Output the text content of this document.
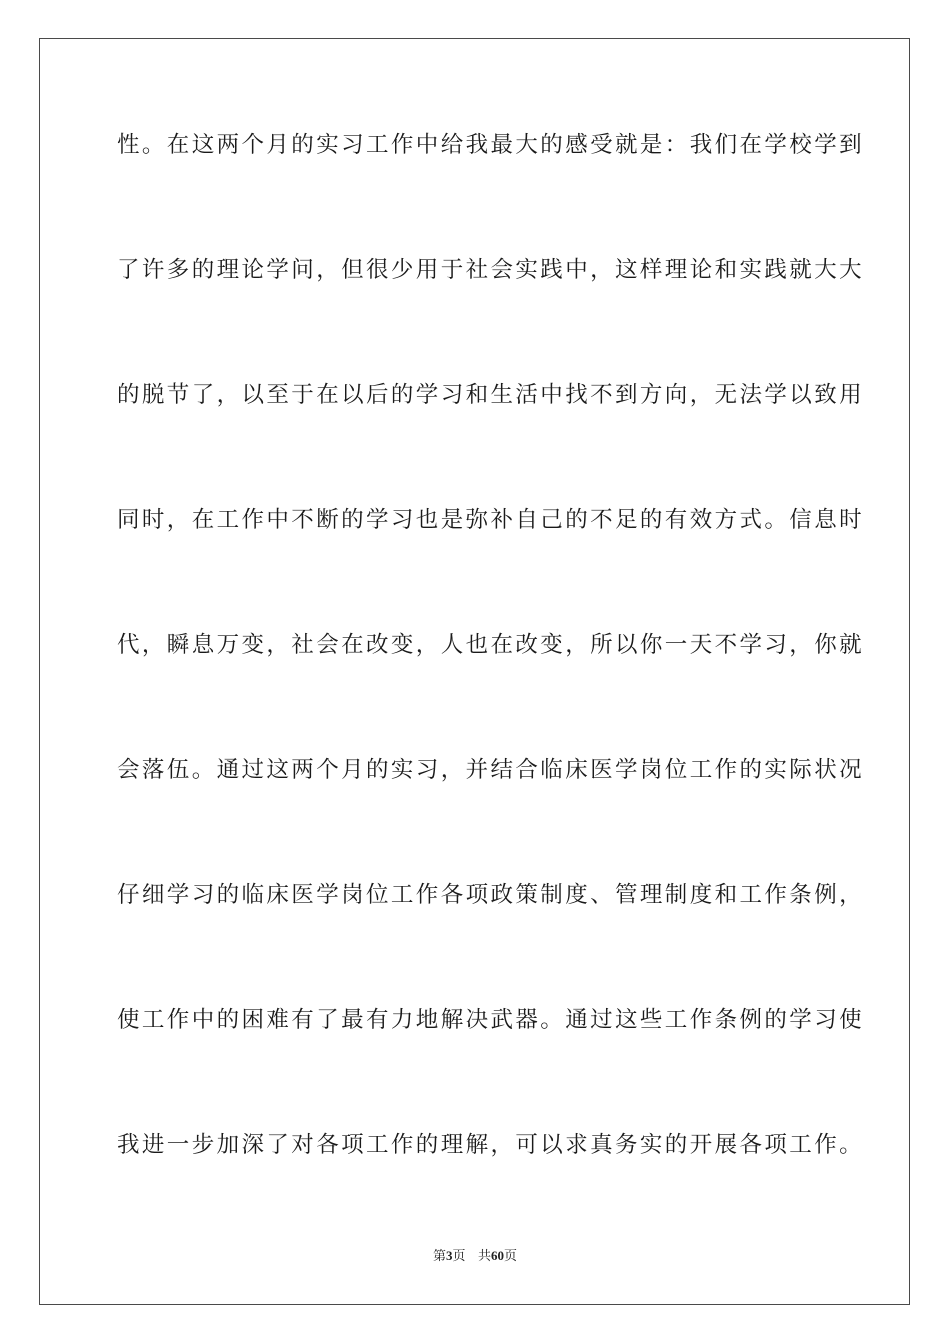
性。在这两个月的实习工作中给我最大的感受就是：我们在学校学到
了许多的理论学问，但很少用于社会实践中，这样理论和实践就大大
的脱节了，以至于在以后的学习和生活中找不到方向，无法学以致用
同时，在工作中不断的学习也是弥补自己的不足的有效方式。信息时
代，瞬息万变，社会在改变，人也在改变，所以你一天不学习，你就
会落伍。通过这两个月的实习，并结合临床医学岗位工作的实际状况
仔细学习的临床医学岗位工作各项政策制度、管理制度和工作条例，
使工作中的困难有了最有力地解决武器。通过这些工作条例的学习使
我进一步加深了对各项工作的理解，可以求真务实的开展各项工作。
第3页 共60页
